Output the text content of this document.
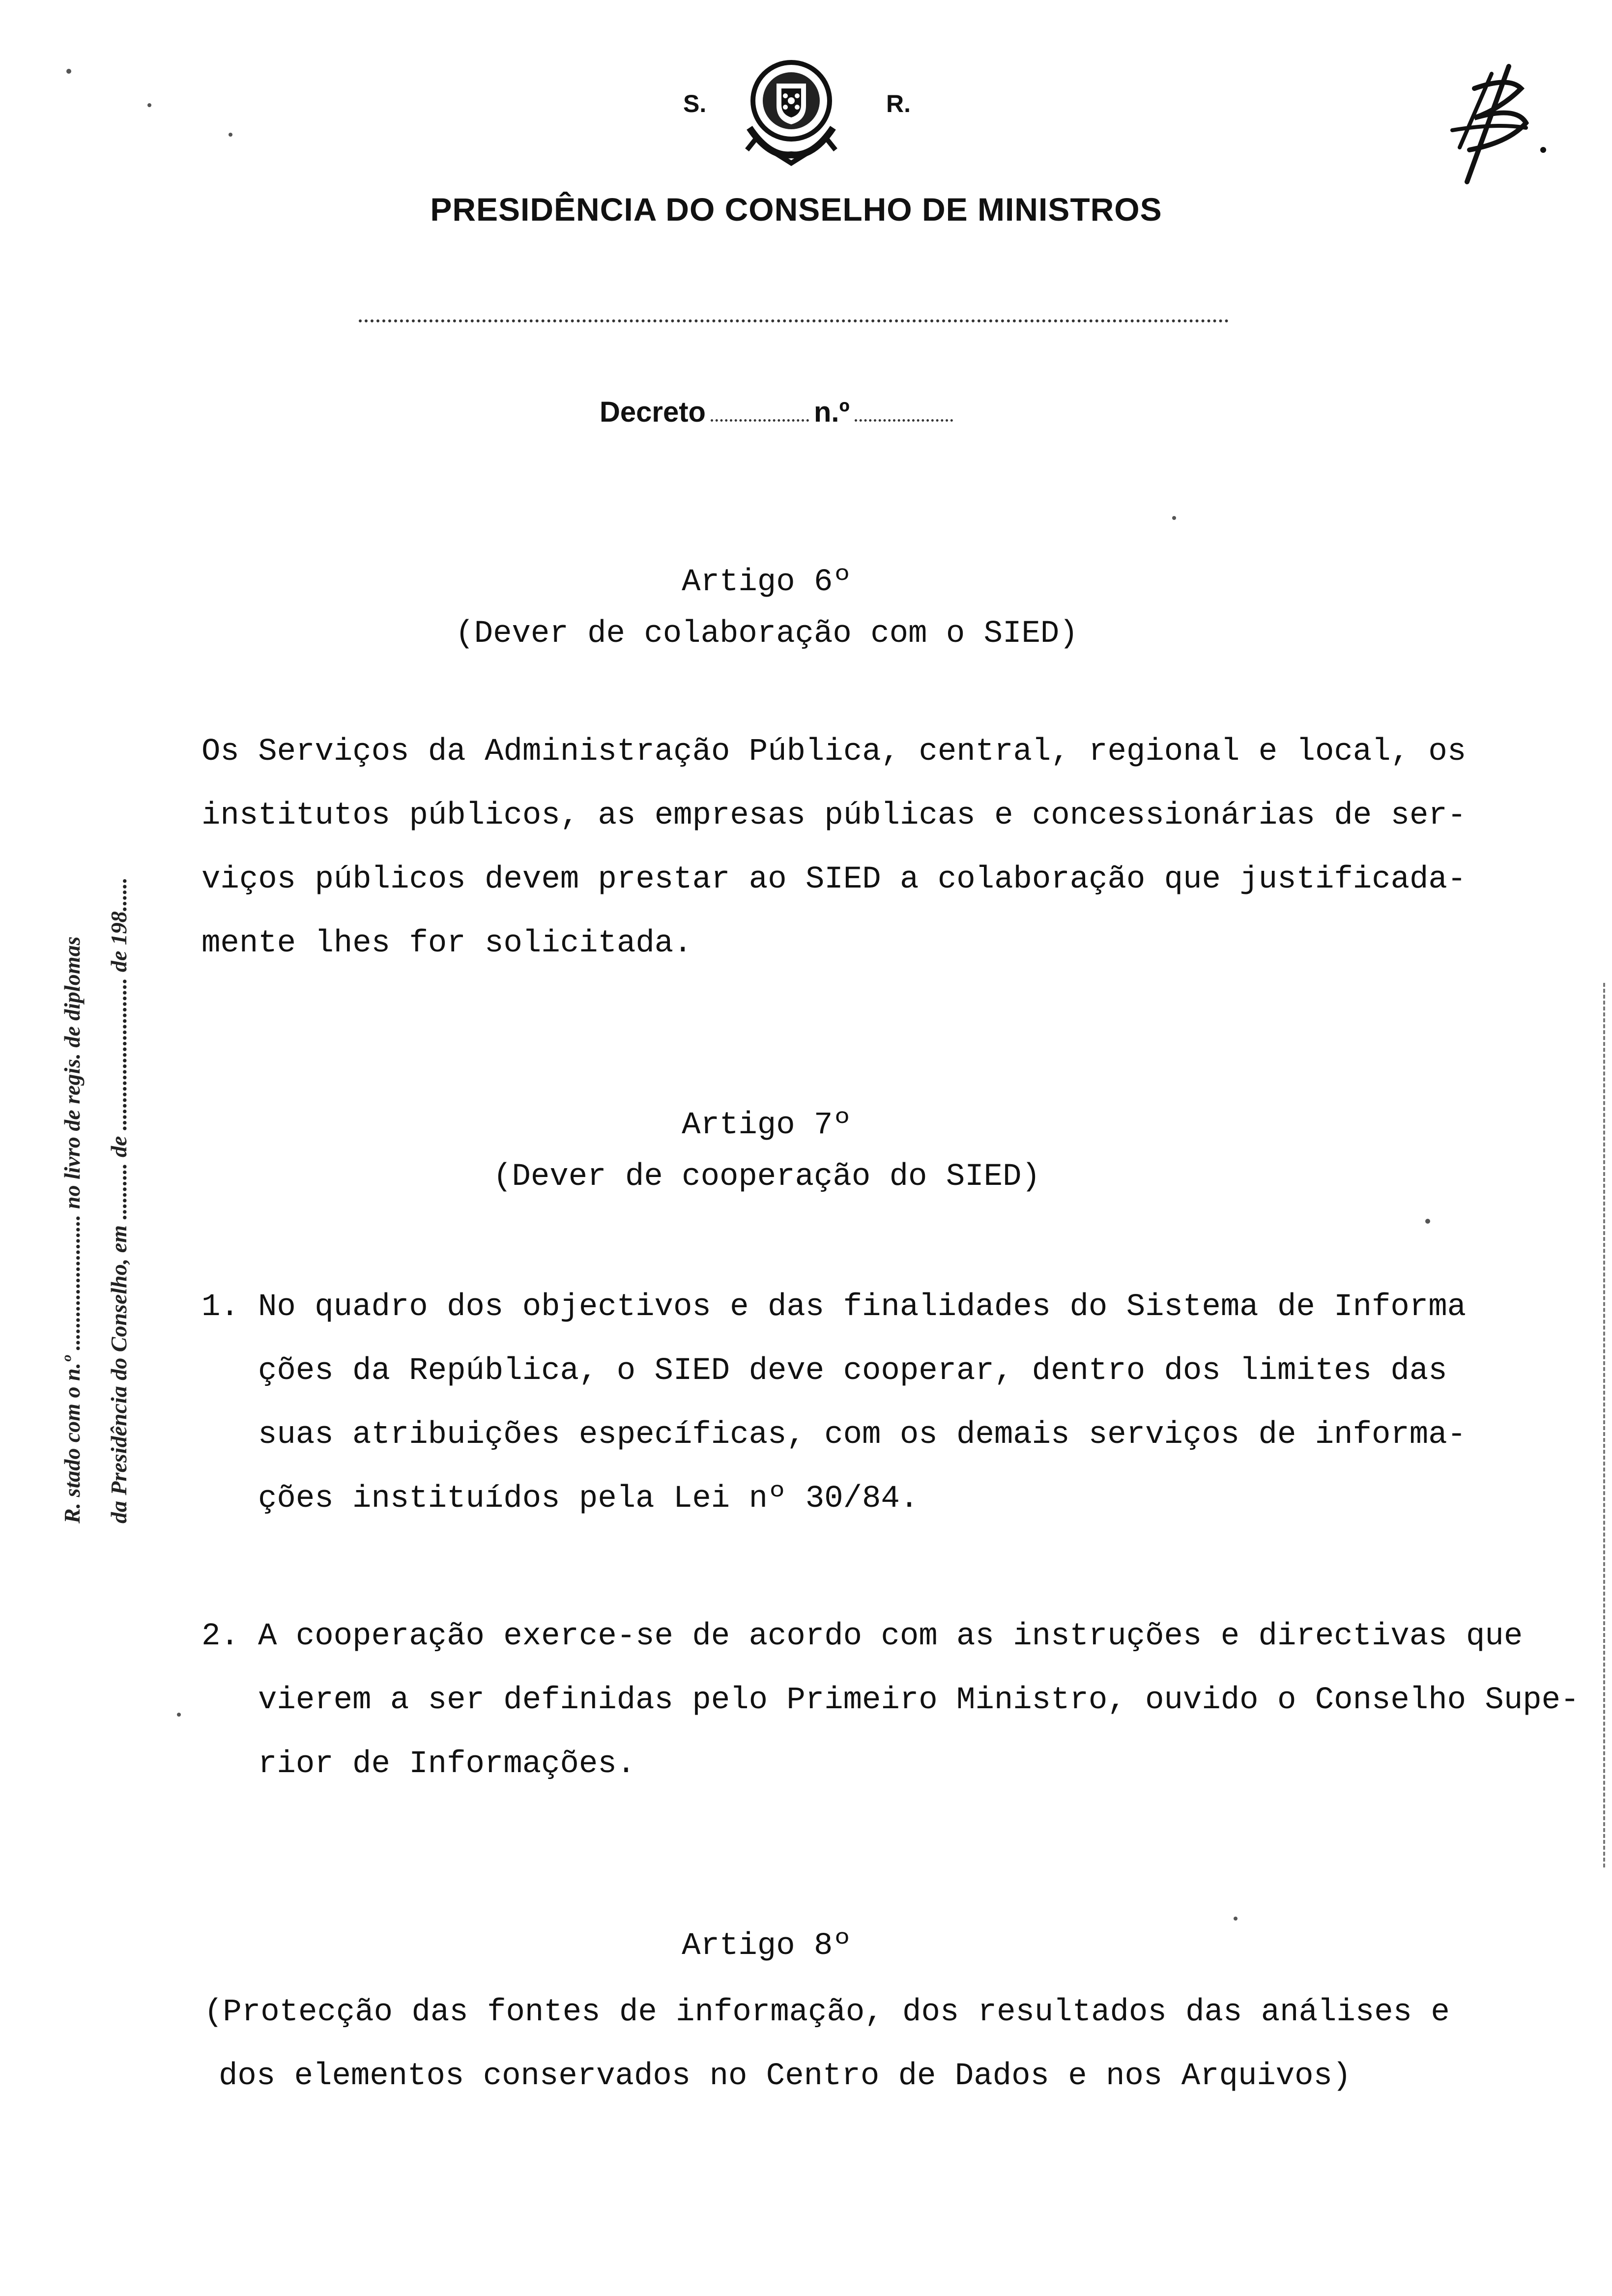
S.	R.
PRESIDÊNCIA DO CONSELHO DE MINISTROS
Decreto	n.º
R. stado com o n.º ........................ no livro de regis. de diplomas da Presidência do Conselho, em .......... de ........................... de 198......
Artigo 6º
(Dever de colaboração com o SIED)
Os Serviços da Administração Pública, central, regional e local, os
institutos públicos, as empresas públicas e concessionárias de ser-
viços públicos devem prestar ao SIED a colaboração que justificada-
mente lhes for solicitada.
Artigo 7º
(Dever de cooperação do SIED)
1. No quadro dos objectivos e das finalidades do Sistema de Informa
ções da República, o SIED deve cooperar, dentro dos limites das
suas atribuições específicas, com os demais serviços de informa-
ções instituídos pela Lei nº 30/84.
2. A cooperação exerce-se de acordo com as instruções e directivas que
vierem a ser definidas pelo Primeiro Ministro, ouvido o Conselho Supe-
rior de Informações.
Artigo 8º
(Protecção das fontes de informação, dos resultados das análises e
dos elementos conservados no Centro de Dados e nos Arquivos)
